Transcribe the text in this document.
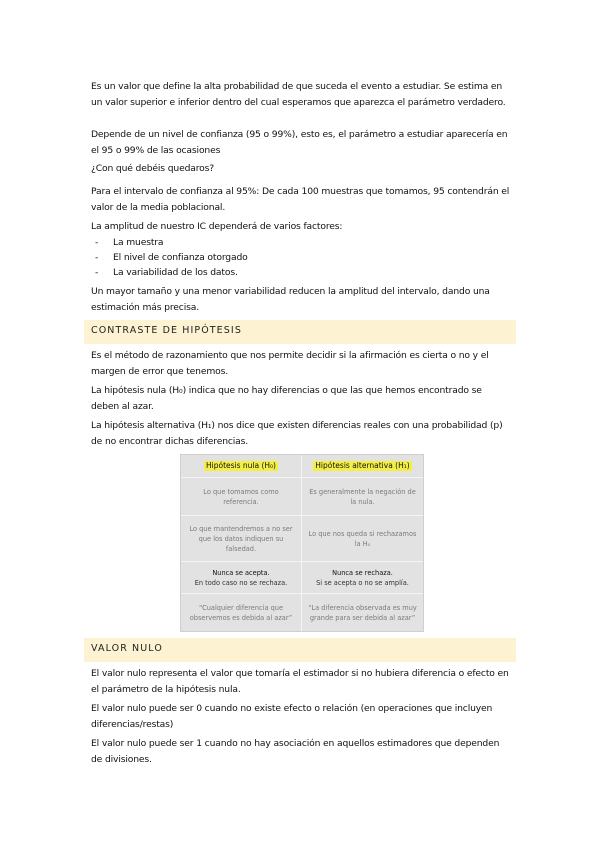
Es un valor que define la alta probabilidad de que suceda el evento a estudiar. Se estima en un valor superior e inferior dentro del cual esperamos que aparezca el parámetro verdadero.

Depende de un nivel de confianza (95 o 99%), esto es, el parámetro a estudiar aparecería en el 95 o 99% de las ocasiones

¿Con qué debéis quedaros?

Para el intervalo de confianza al 95%: De cada 100 muestras que tomamos, 95 contendrán el valor de la media poblacional.

La amplitud de nuestro IC dependerá de varios factores:

- La muestra
- El nivel de confianza otorgado
- La variabilidad de los datos.

Un mayor tamaño y una menor variabilidad reducen la amplitud del intervalo, dando una estimación más precisa.

CONTRASTE DE HIPÓTESIS

Es el método de razonamiento que nos permite decidir si la afirmación es cierta o no y el margen de error que tenemos.

La hipótesis nula (H₀) indica que no hay diferencias o que las que hemos encontrado se deben al azar.

La hipótesis alternativa (H₁) nos dice que existen diferencias reales con una probabilidad (p) de no encontrar dichas diferencias.

Hipótesis nula (H₀)	Hipótesis alternativa (H₁)
Lo que tomamos como referencia.
Es generalmente la negación de la nula.
Lo que mantendremos a no ser que los datos indiquen su falsedad.
Lo que nos queda si rechazamos la H₀
Nunca se acepta.
En todo caso no se rechaza.
Nunca se rechaza.
Si se acepta o no se amplía.
“Cualquier diferencia que observemos es debida al azar”
“La diferencia observada es muy grande para ser debida al azar”
VALOR NULO

El valor nulo representa el valor que tomaría el estimador si no hubiera diferencia o efecto en el parámetro de la hipótesis nula.

El valor nulo puede ser 0 cuando no existe efecto o relación (en operaciones que incluyen diferencias/restas)

El valor nulo puede ser 1 cuando no hay asociación en aquellos estimadores que dependen de divisiones.
